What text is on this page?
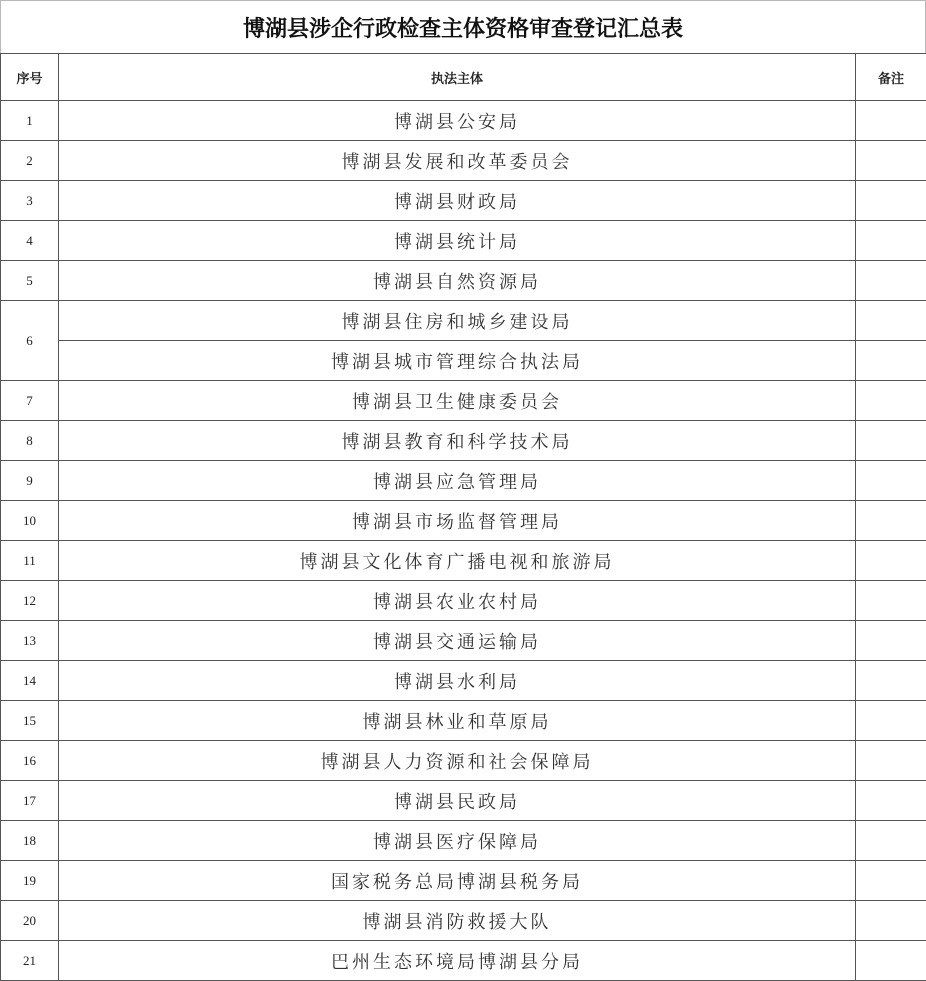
博湖县涉企行政检查主体资格审查登记汇总表
序号	执法主体	备注
1	博湖县公安局	
2	博湖县发展和改革委员会	
3	博湖县财政局	
4	博湖县统计局	
5	博湖县自然资源局	
6	博湖县住房和城乡建设局	
	博湖县城市管理综合执法局	
7	博湖县卫生健康委员会	
8	博湖县教育和科学技术局	
9	博湖县应急管理局	
10	博湖县市场监督管理局	
11	博湖县文化体育广播电视和旅游局	
12	博湖县农业农村局	
13	博湖县交通运输局	
14	博湖县水利局	
15	博湖县林业和草原局	
16	博湖县人力资源和社会保障局	
17	博湖县民政局	
18	博湖县医疗保障局	
19	国家税务总局博湖县税务局	
20	博湖县消防救援大队	
21	巴州生态环境局博湖县分局	
